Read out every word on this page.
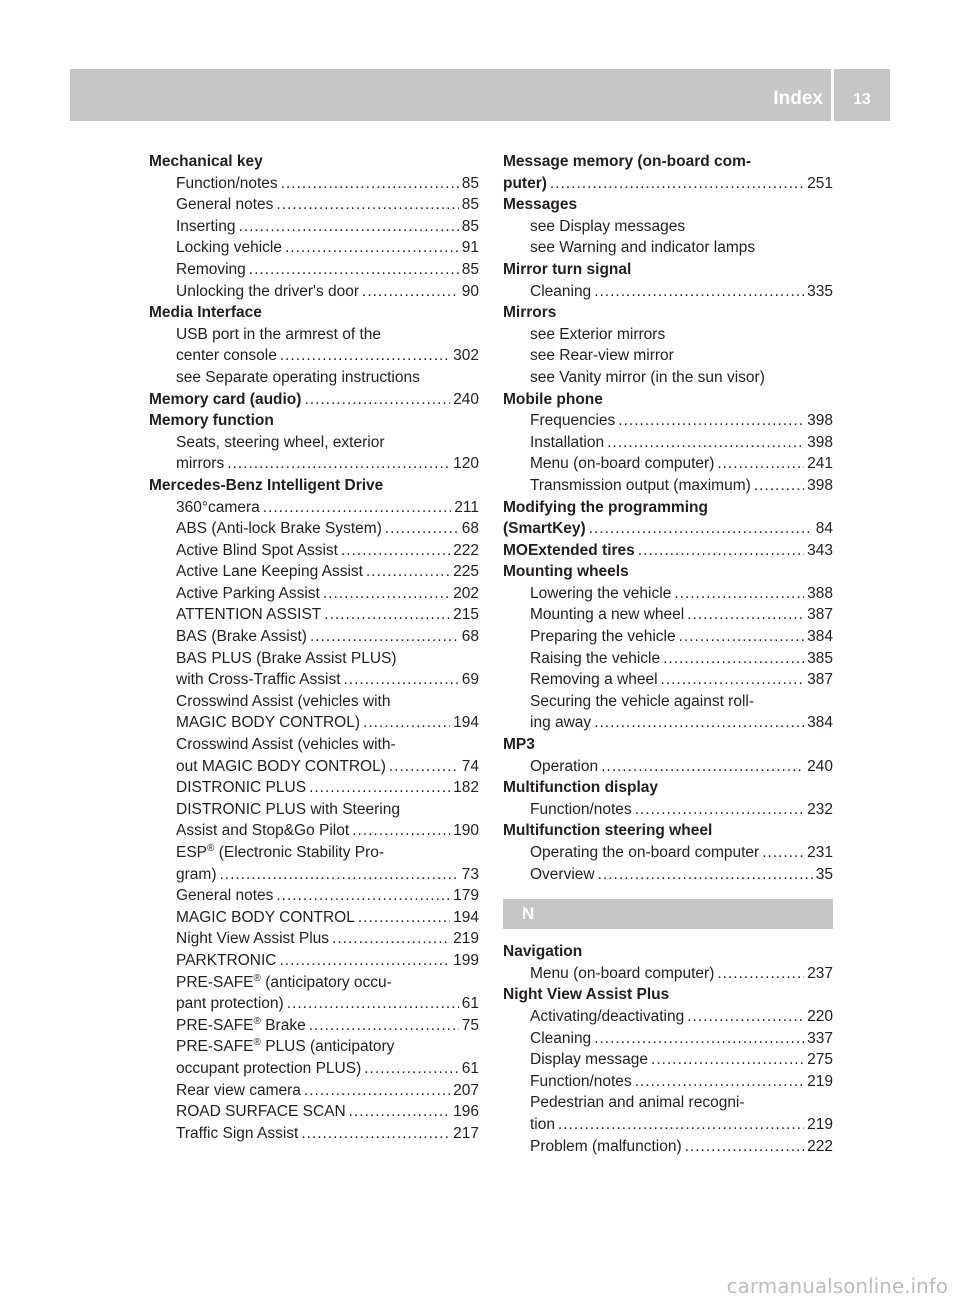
Index	13
Mechanical key
Function/notes .....	85
General notes .....	85
Inserting .....	85
Locking vehicle .....	91
Removing .....	85
Unlocking the driver's door .....	90
Media Interface
USB port in the armrest of the
center console .....	302
see Separate operating instructions
Memory card (audio) .....	240
Memory function
Seats, steering wheel, exterior
mirrors .....	120
Mercedes-Benz Intelligent Drive
360°camera .....	211
ABS (Anti-lock Brake System) .....	68
Active Blind Spot Assist .....	222
Active Lane Keeping Assist .....	225
Active Parking Assist .....	202
ATTENTION ASSIST .....	215
BAS (Brake Assist) .....	68
BAS PLUS (Brake Assist PLUS)
with Cross-Traffic Assist .....	69
Crosswind Assist (vehicles with
MAGIC BODY CONTROL) .....	194
Crosswind Assist (vehicles with-
out MAGIC BODY CONTROL) .....	74
DISTRONIC PLUS .....	182
DISTRONIC PLUS with Steering
Assist and Stop&Go Pilot .....	190
ESP® (Electronic Stability Pro-
gram) .....	73
General notes .....	179
MAGIC BODY CONTROL .....	194
Night View Assist Plus .....	219
PARKTRONIC .....	199
PRE-SAFE® (anticipatory occu-
pant protection) .....	61
PRE-SAFE® Brake .....	75
PRE-SAFE® PLUS (anticipatory
occupant protection PLUS) .....	61
Rear view camera .....	207
ROAD SURFACE SCAN .....	196
Traffic Sign Assist .....	217
Message memory (on-board com-
puter) .....	251
Messages
see Display messages
see Warning and indicator lamps
Mirror turn signal
Cleaning .....	335
Mirrors
see Exterior mirrors
see Rear-view mirror
see Vanity mirror (in the sun visor)
Mobile phone
Frequencies .....	398
Installation .....	398
Menu (on-board computer) .....	241
Transmission output (maximum) .....	398
Modifying the programming
(SmartKey) .....	84
MOExtended tires .....	343
Mounting wheels
Lowering the vehicle .....	388
Mounting a new wheel .....	387
Preparing the vehicle .....	384
Raising the vehicle .....	385
Removing a wheel .....	387
Securing the vehicle against roll-
ing away .....	384
MP3
Operation .....	240
Multifunction display
Function/notes .....	232
Multifunction steering wheel
Operating the on-board computer .....	231
Overview .....	35
N
Navigation
Menu (on-board computer) .....	237
Night View Assist Plus
Activating/deactivating .....	220
Cleaning .....	337
Display message .....	275
Function/notes .....	219
Pedestrian and animal recogni-
tion .....	219
Problem (malfunction) .....	222
carmanualsonline.info
